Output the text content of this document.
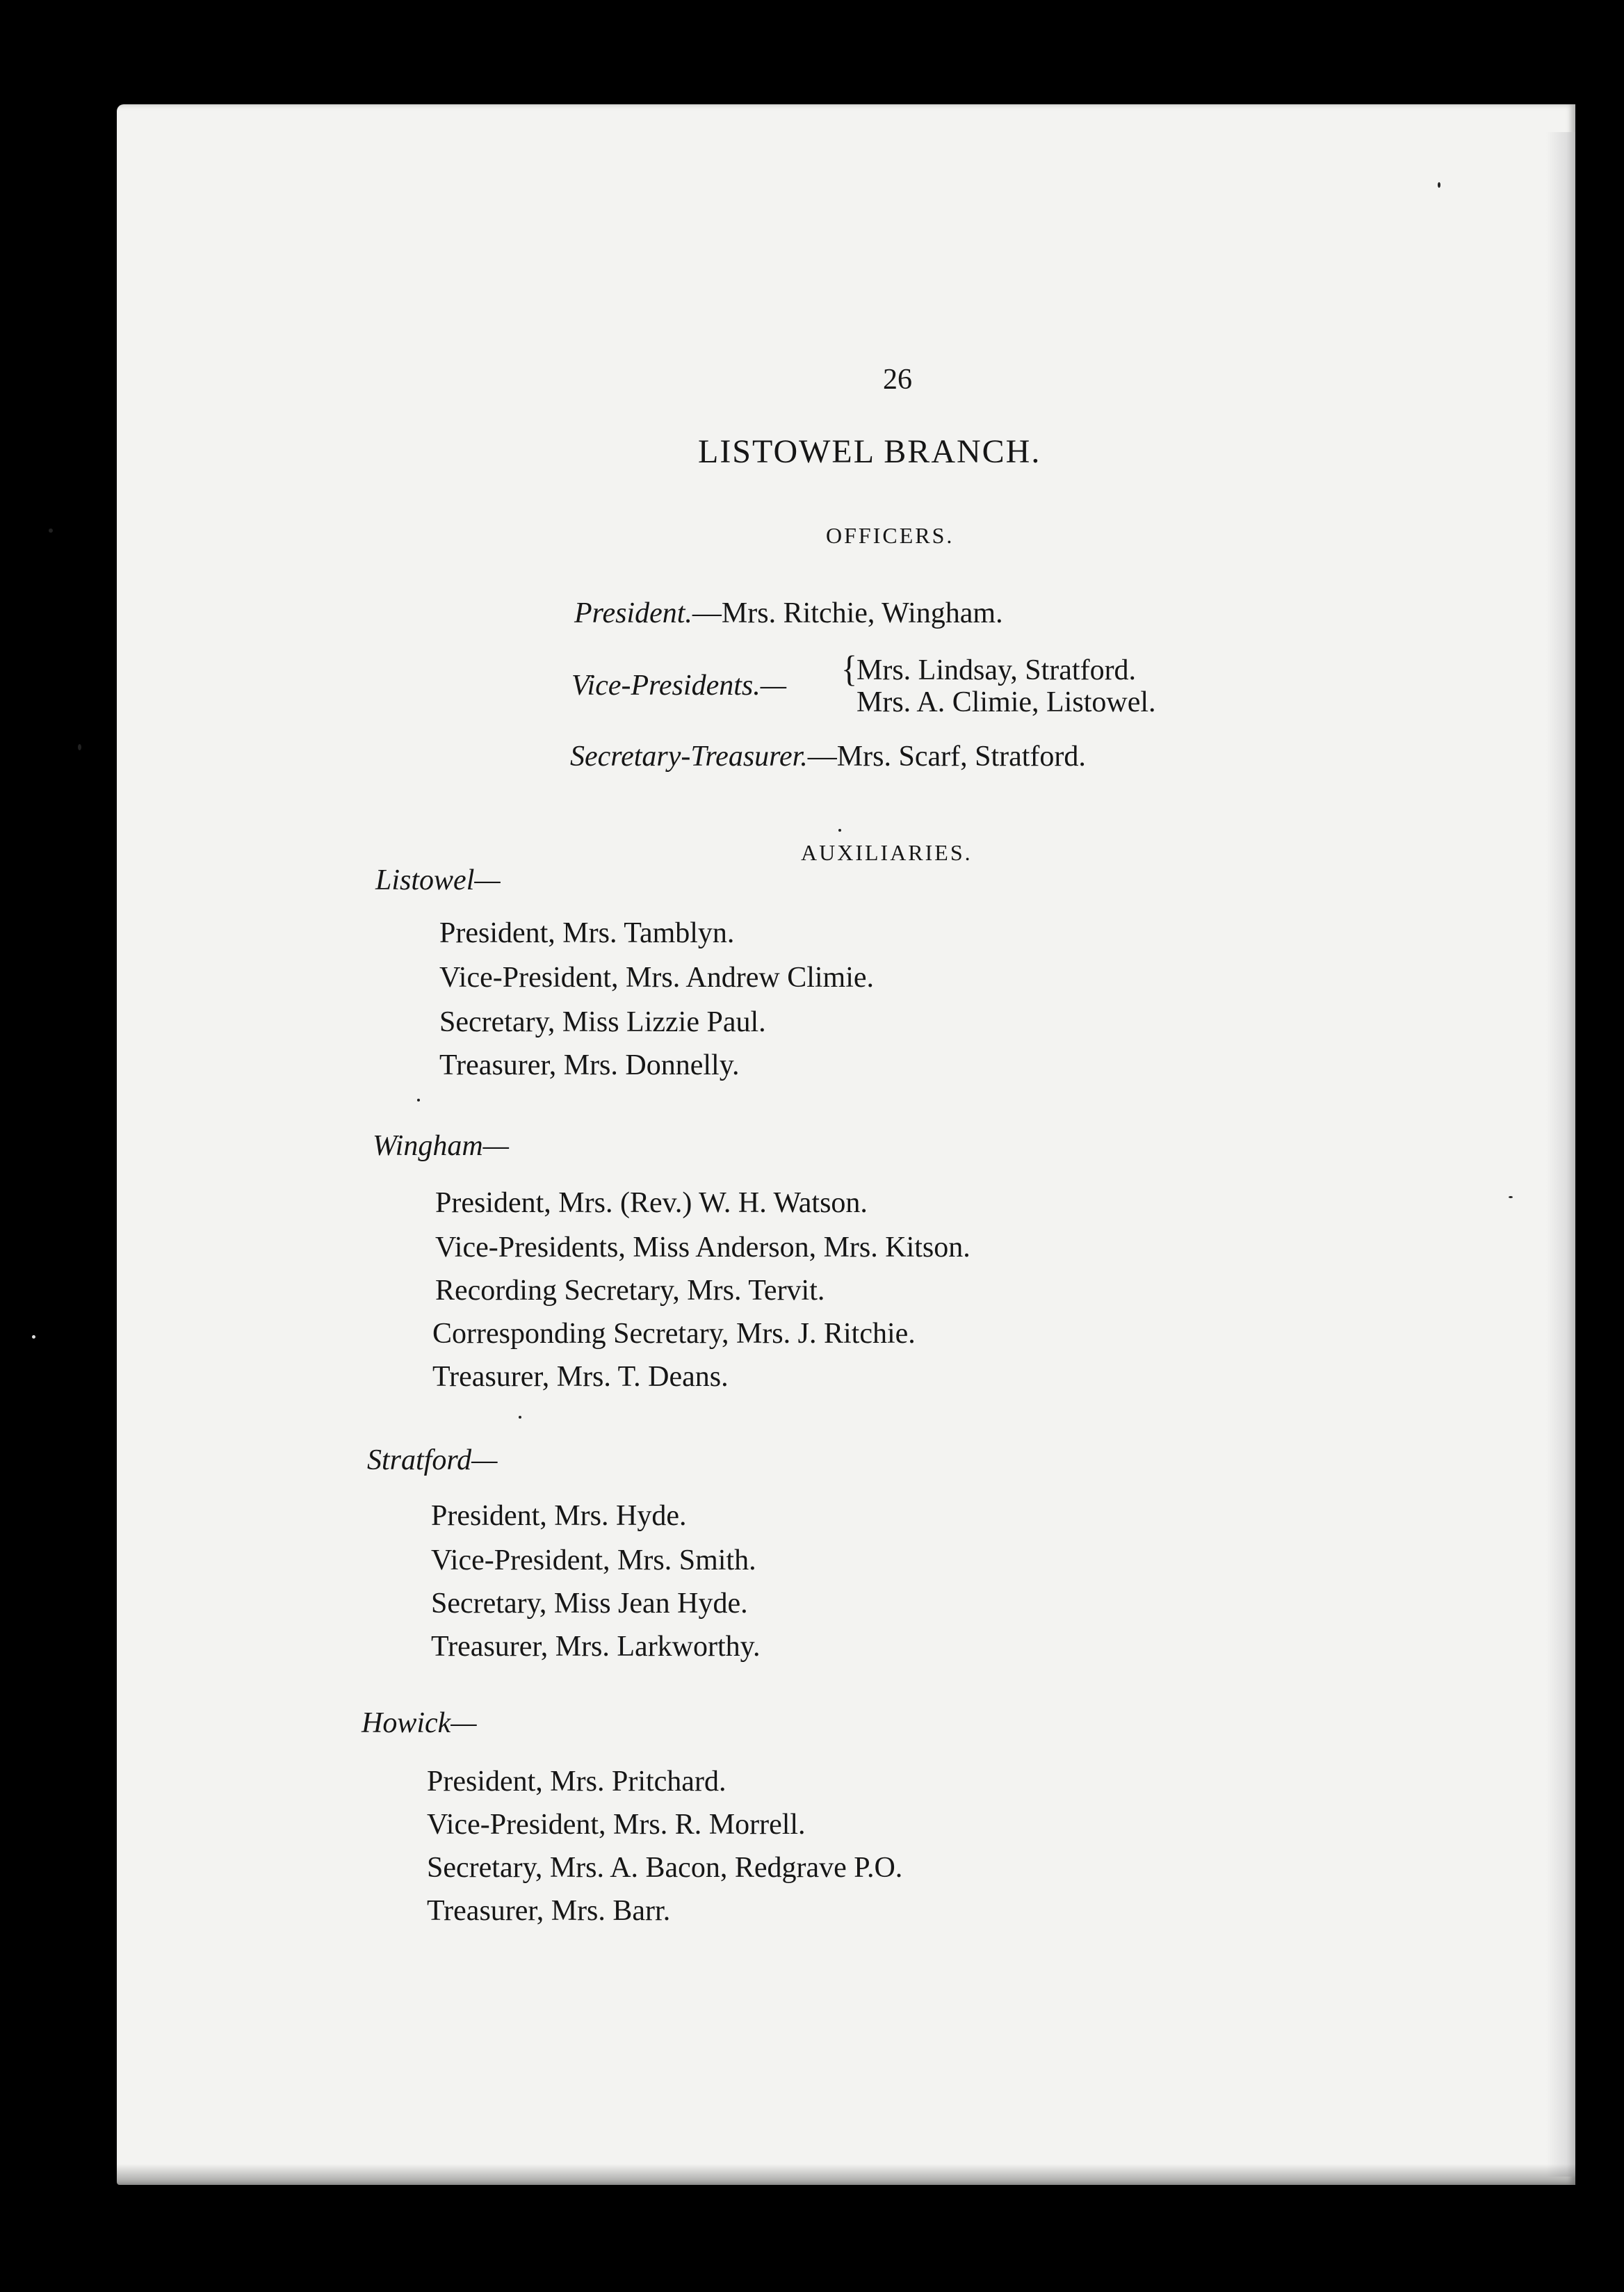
26
LISTOWEL BRANCH.
OFFICERS.
President.—Mrs. Ritchie, Wingham.
Vice-Presidents.— {
Mrs. Lindsay, Stratford.
Mrs. A. Climie, Listowel.
Secretary-Treasurer.—Mrs. Scarf, Stratford.
AUXILIARIES.
Listowel—
President, Mrs. Tamblyn.
Vice-President, Mrs. Andrew Climie.
Secretary, Miss Lizzie Paul.
Treasurer, Mrs. Donnelly.
Wingham—
President, Mrs. (Rev.) W. H. Watson.
Vice-Presidents, Miss Anderson, Mrs. Kitson.
Recording Secretary, Mrs. Tervit.
Corresponding Secretary, Mrs. J. Ritchie.
Treasurer, Mrs. T. Deans.
Stratford—
President, Mrs. Hyde.
Vice-President, Mrs. Smith.
Secretary, Miss Jean Hyde.
Treasurer, Mrs. Larkworthy.
Howick—
President, Mrs. Pritchard.
Vice-President, Mrs. R. Morrell.
Secretary, Mrs. A. Bacon, Redgrave P.O.
Treasurer, Mrs. Barr.
